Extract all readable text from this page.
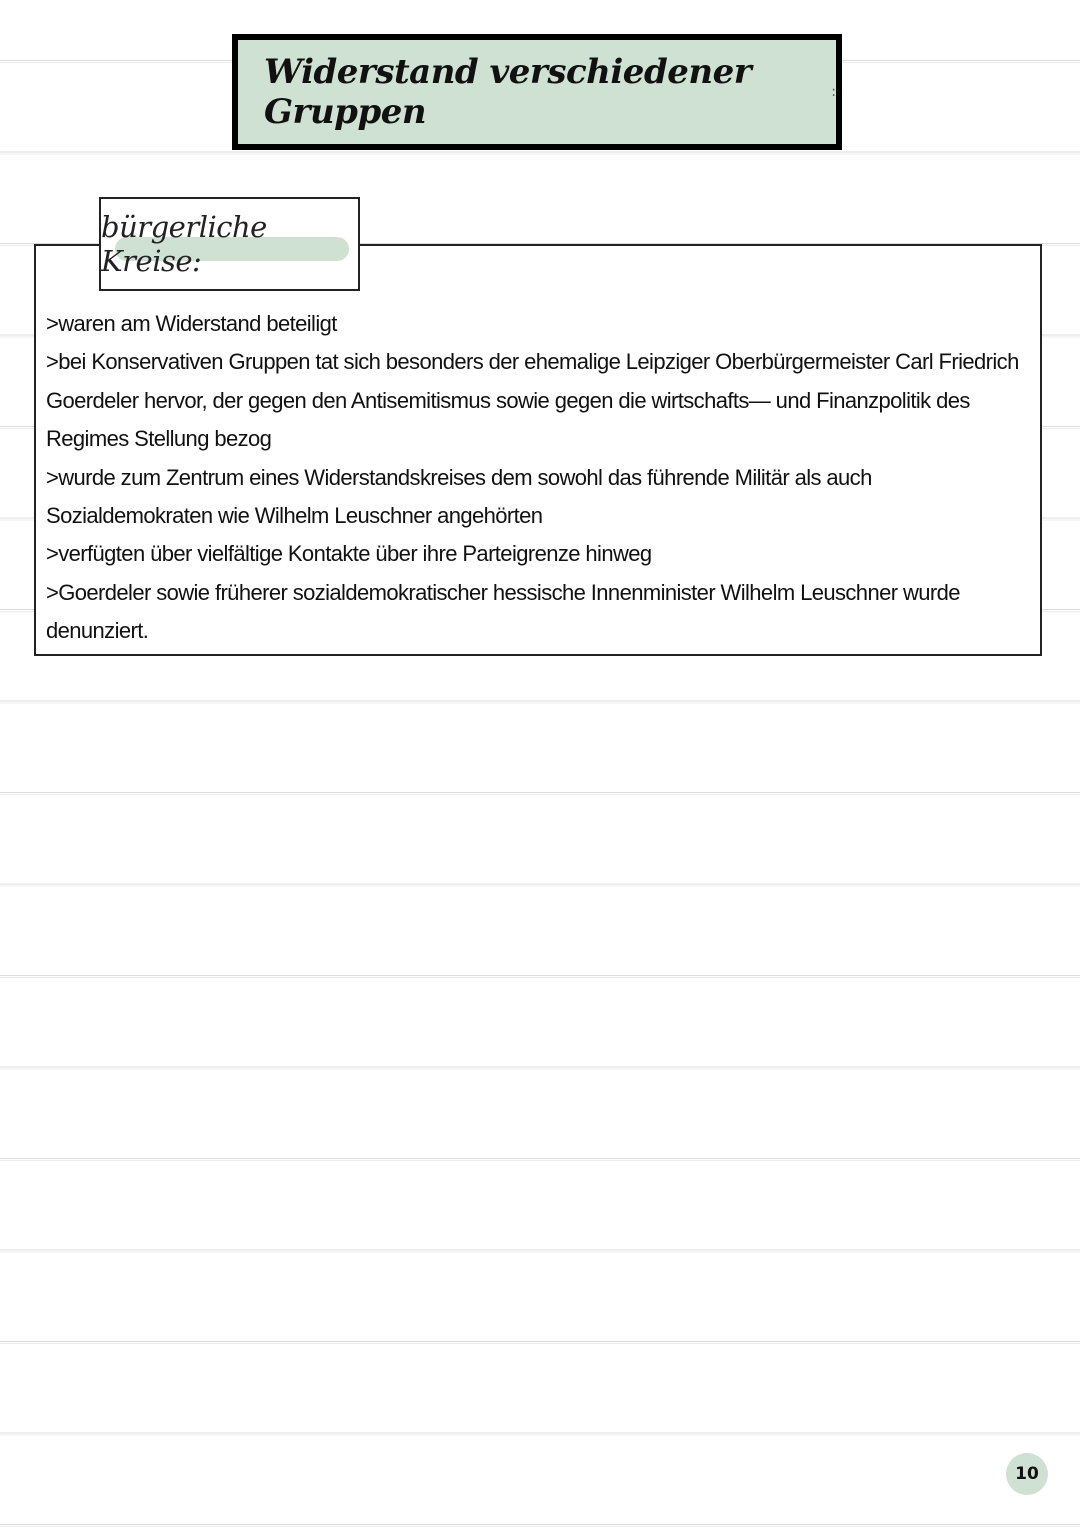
Widerstand verschiedener Gruppen	:
bürgerliche Kreise:

>waren am Widerstand beteiligt

>bei Konservativen Gruppen tat sich besonders der ehemalige Leipziger Oberbürgermeister Carl Friedrich Goerdeler hervor, der gegen den Antisemitismus sowie gegen die wirtschafts— und Finanzpolitik des Regimes Stellung bezog

>wurde zum Zentrum eines Widerstandskreises dem sowohl das führende Militär als auch Sozialdemokraten wie Wilhelm Leuschner angehörten

>verfügten über vielfältige Kontakte über ihre Parteigrenze hinweg

>Goerdeler sowie früherer sozialdemokratischer hessische Innenminister Wilhelm Leuschner wurde denunziert.

10
